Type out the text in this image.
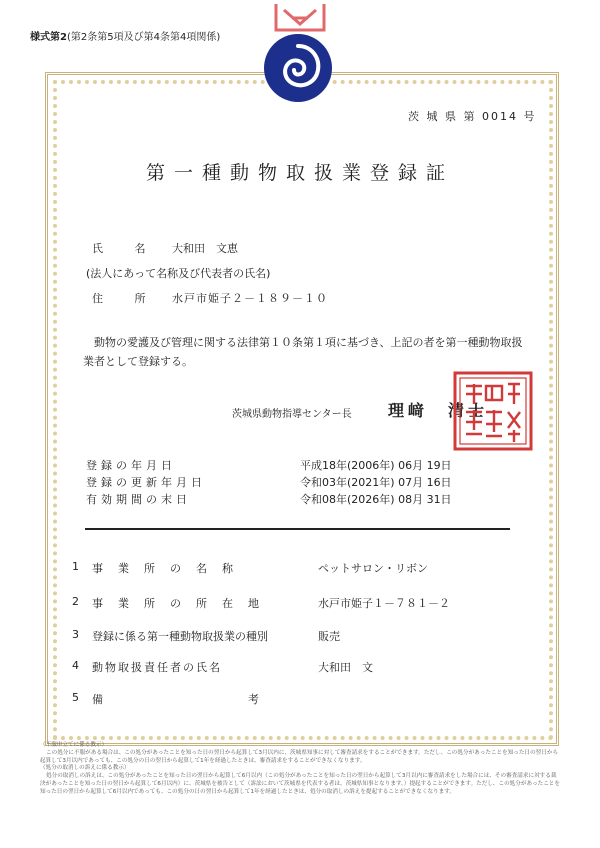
様式第2(第2条第5項及び第4条第4項関係)
茨 城 県 第 0014 号
第一種動物取扱業登録証
氏 名 大和田　文恵
(法人にあって名称及び代表者の氏名)
住 所 水戸市姫子２－１８９－１０
動物の愛護及び管理に関する法律第１０条第１項に基づき、上記の者を第一種動物取扱業者として登録する。
茨城県動物指導センター長 理﨑　清士
登録の年月日	平成18年(2006年) 06月 19日
登録の更新年月日	令和03年(2021年) 07月 16日
有効期間の末日	令和08年(2026年) 08月 31日
1 事　業　所　の　名　称	ペットサロン・リボン
2 事　業　所　の　所　在　地	水戸市姫子１－７８１－２
3 登録に係る第一種動物取扱業の種別	販売
4 動物取扱責任者の氏名	大和田　文
5 備　　　　　　　　　　　考
（不服申立てに係る教示）
この処分に不服がある場合は、この処分があったことを知った日の翌日から起算して3月以内に、茨城県知事に対して審査請求をすることができます。ただし、この処分があったことを知った日の翌日から起算して3月以内であっても、この処分の日の翌日から起算して1年を経過したときは、審査請求をすることができなくなります。
（処分の取消しの訴えに係る教示）
処分の取消しの訴えは、この処分があったことを知った日の翌日から起算して6月以内（この処分があったことを知った日の翌日から起算して3月以内に審査請求をした場合には、その審査請求に対する裁決があったことを知った日の翌日から起算して6月以内）に、茨城県を被告として（訴訟において茨城県を代表する者は、茨城県知事となります。）提起することができます。ただし、この処分があったことを知った日の翌日から起算して6月以内であっても、この処分の日の翌日から起算して1年を経過したときは、処分の取消しの訴えを提起することができなくなります。
